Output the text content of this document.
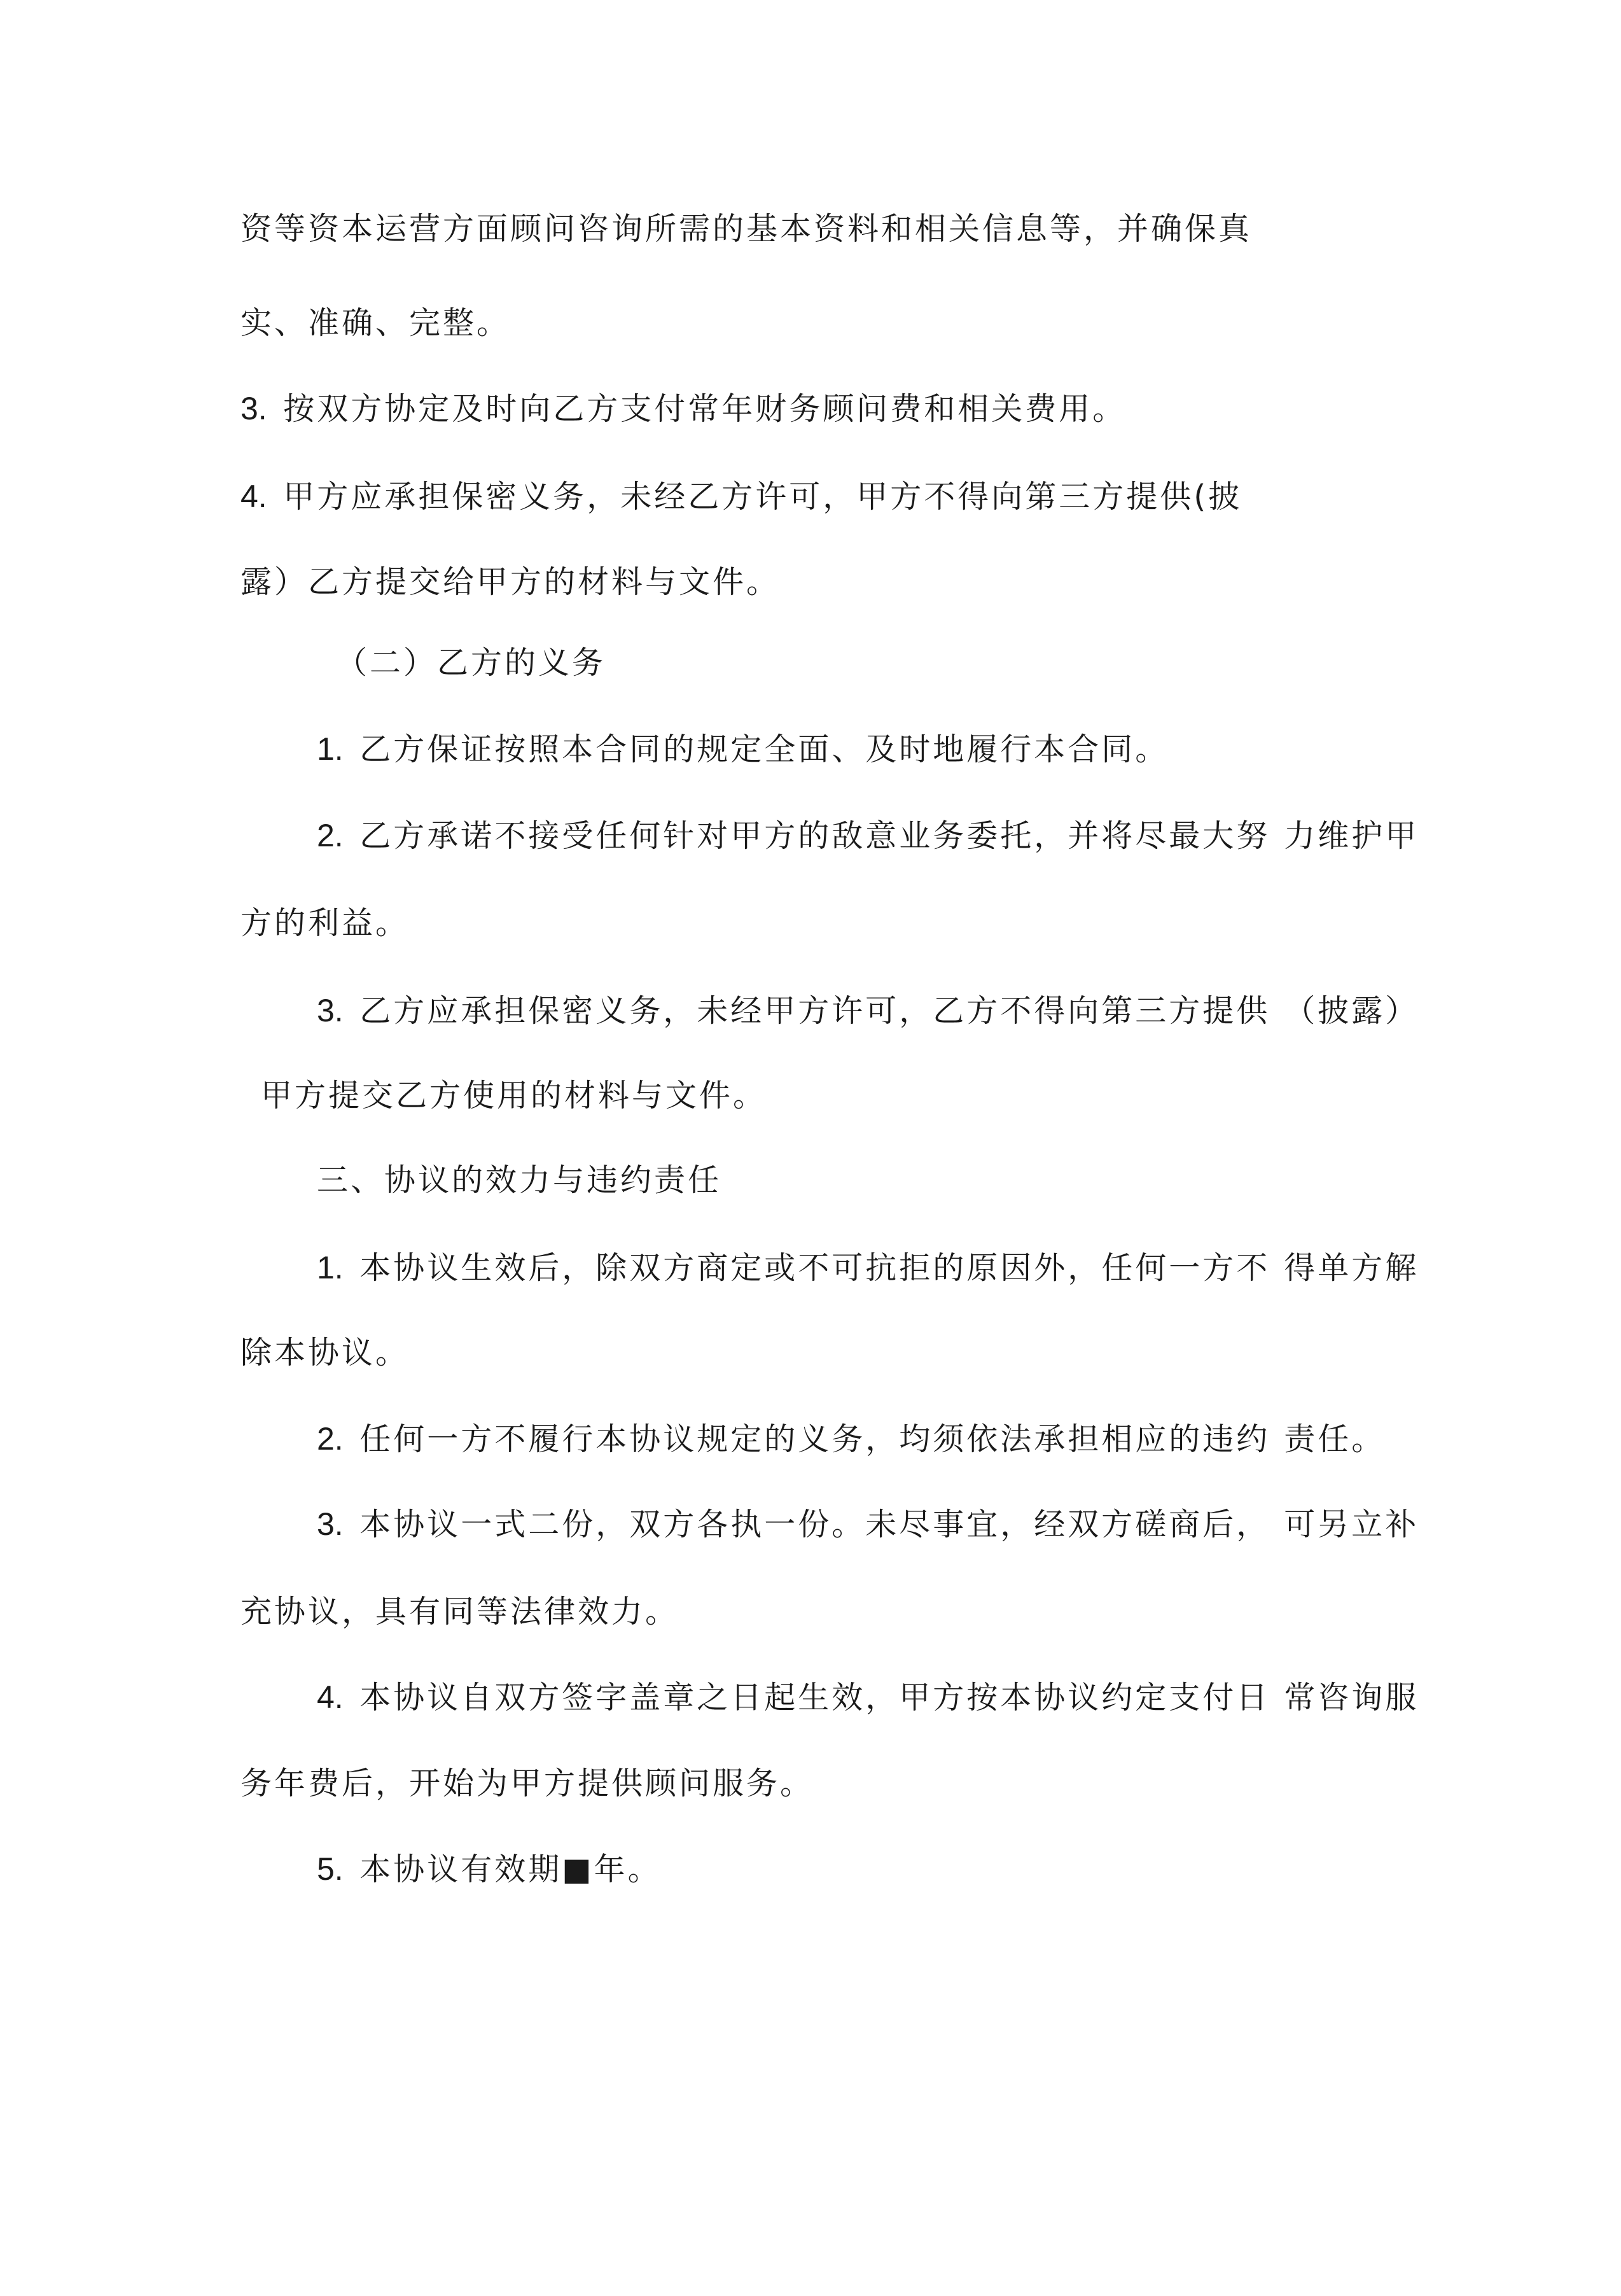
资等资本运营方面顾问咨询所需的基本资料和相关信息等，并确保真
实、准确、完整。
3. 按双方协定及时向乙方支付常年财务顾问费和相关费用。
4. 甲方应承担保密义务，未经乙方许可，甲方不得向第三方提供(披
露）乙方提交给甲方的材料与文件。
（二）乙方的义务
1. 乙方保证按照本合同的规定全面、及时地履行本合同。
2. 乙方承诺不接受任何针对甲方的敌意业务委托，并将尽最大努 力维护甲
方的利益。
3. 乙方应承担保密义务，未经甲方许可，乙方不得向第三方提供 （披露）
甲方提交乙方使用的材料与文件。
三、协议的效力与违约责任
1. 本协议生效后，除双方商定或不可抗拒的原因外，任何一方不 得单方解
除本协议。
2. 任何一方不履行本协议规定的义务，均须依法承担相应的违约 责任。
3. 本协议一式二份，双方各执一份。未尽事宜，经双方磋商后， 可另立补
充协议，具有同等法律效力。
4. 本协议自双方签字盖章之日起生效，甲方按本协议约定支付日 常咨询服
务年费后，开始为甲方提供顾问服务。
5. 本协议有效期■年。
